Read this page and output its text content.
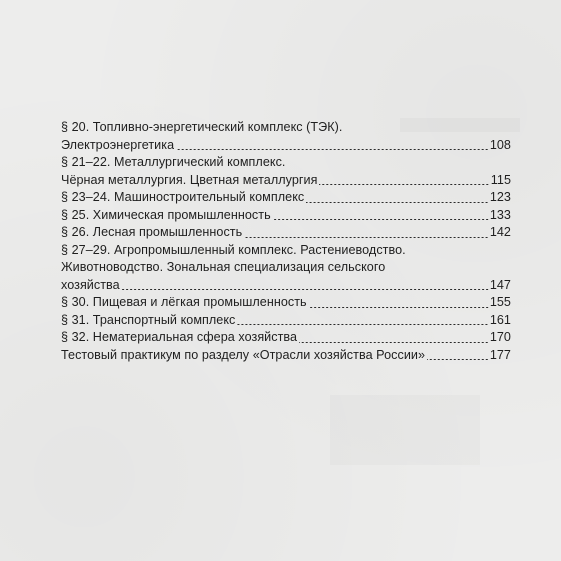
§ 20. Топливно-энергетический комплекс (ТЭК).
Электроэнергетика	108
§ 21–22. Металлургический комплекс.
Чёрная металлургия. Цветная металлургия	115
§ 23–24. Машиностроительный комплекс	123
§ 25. Химическая промышленность	133
§ 26. Лесная промышленность	142
§ 27–29. Агропромышленный комплекс. Растениеводство.
Животноводство. Зональная специализация сельского
хозяйства	147
§ 30. Пищевая и лёгкая промышленность	155
§ 31. Транспортный комплекс	161
§ 32. Нематериальная сфера хозяйства	170
Тестовый практикум по разделу «Отрасли хозяйства России»	177
